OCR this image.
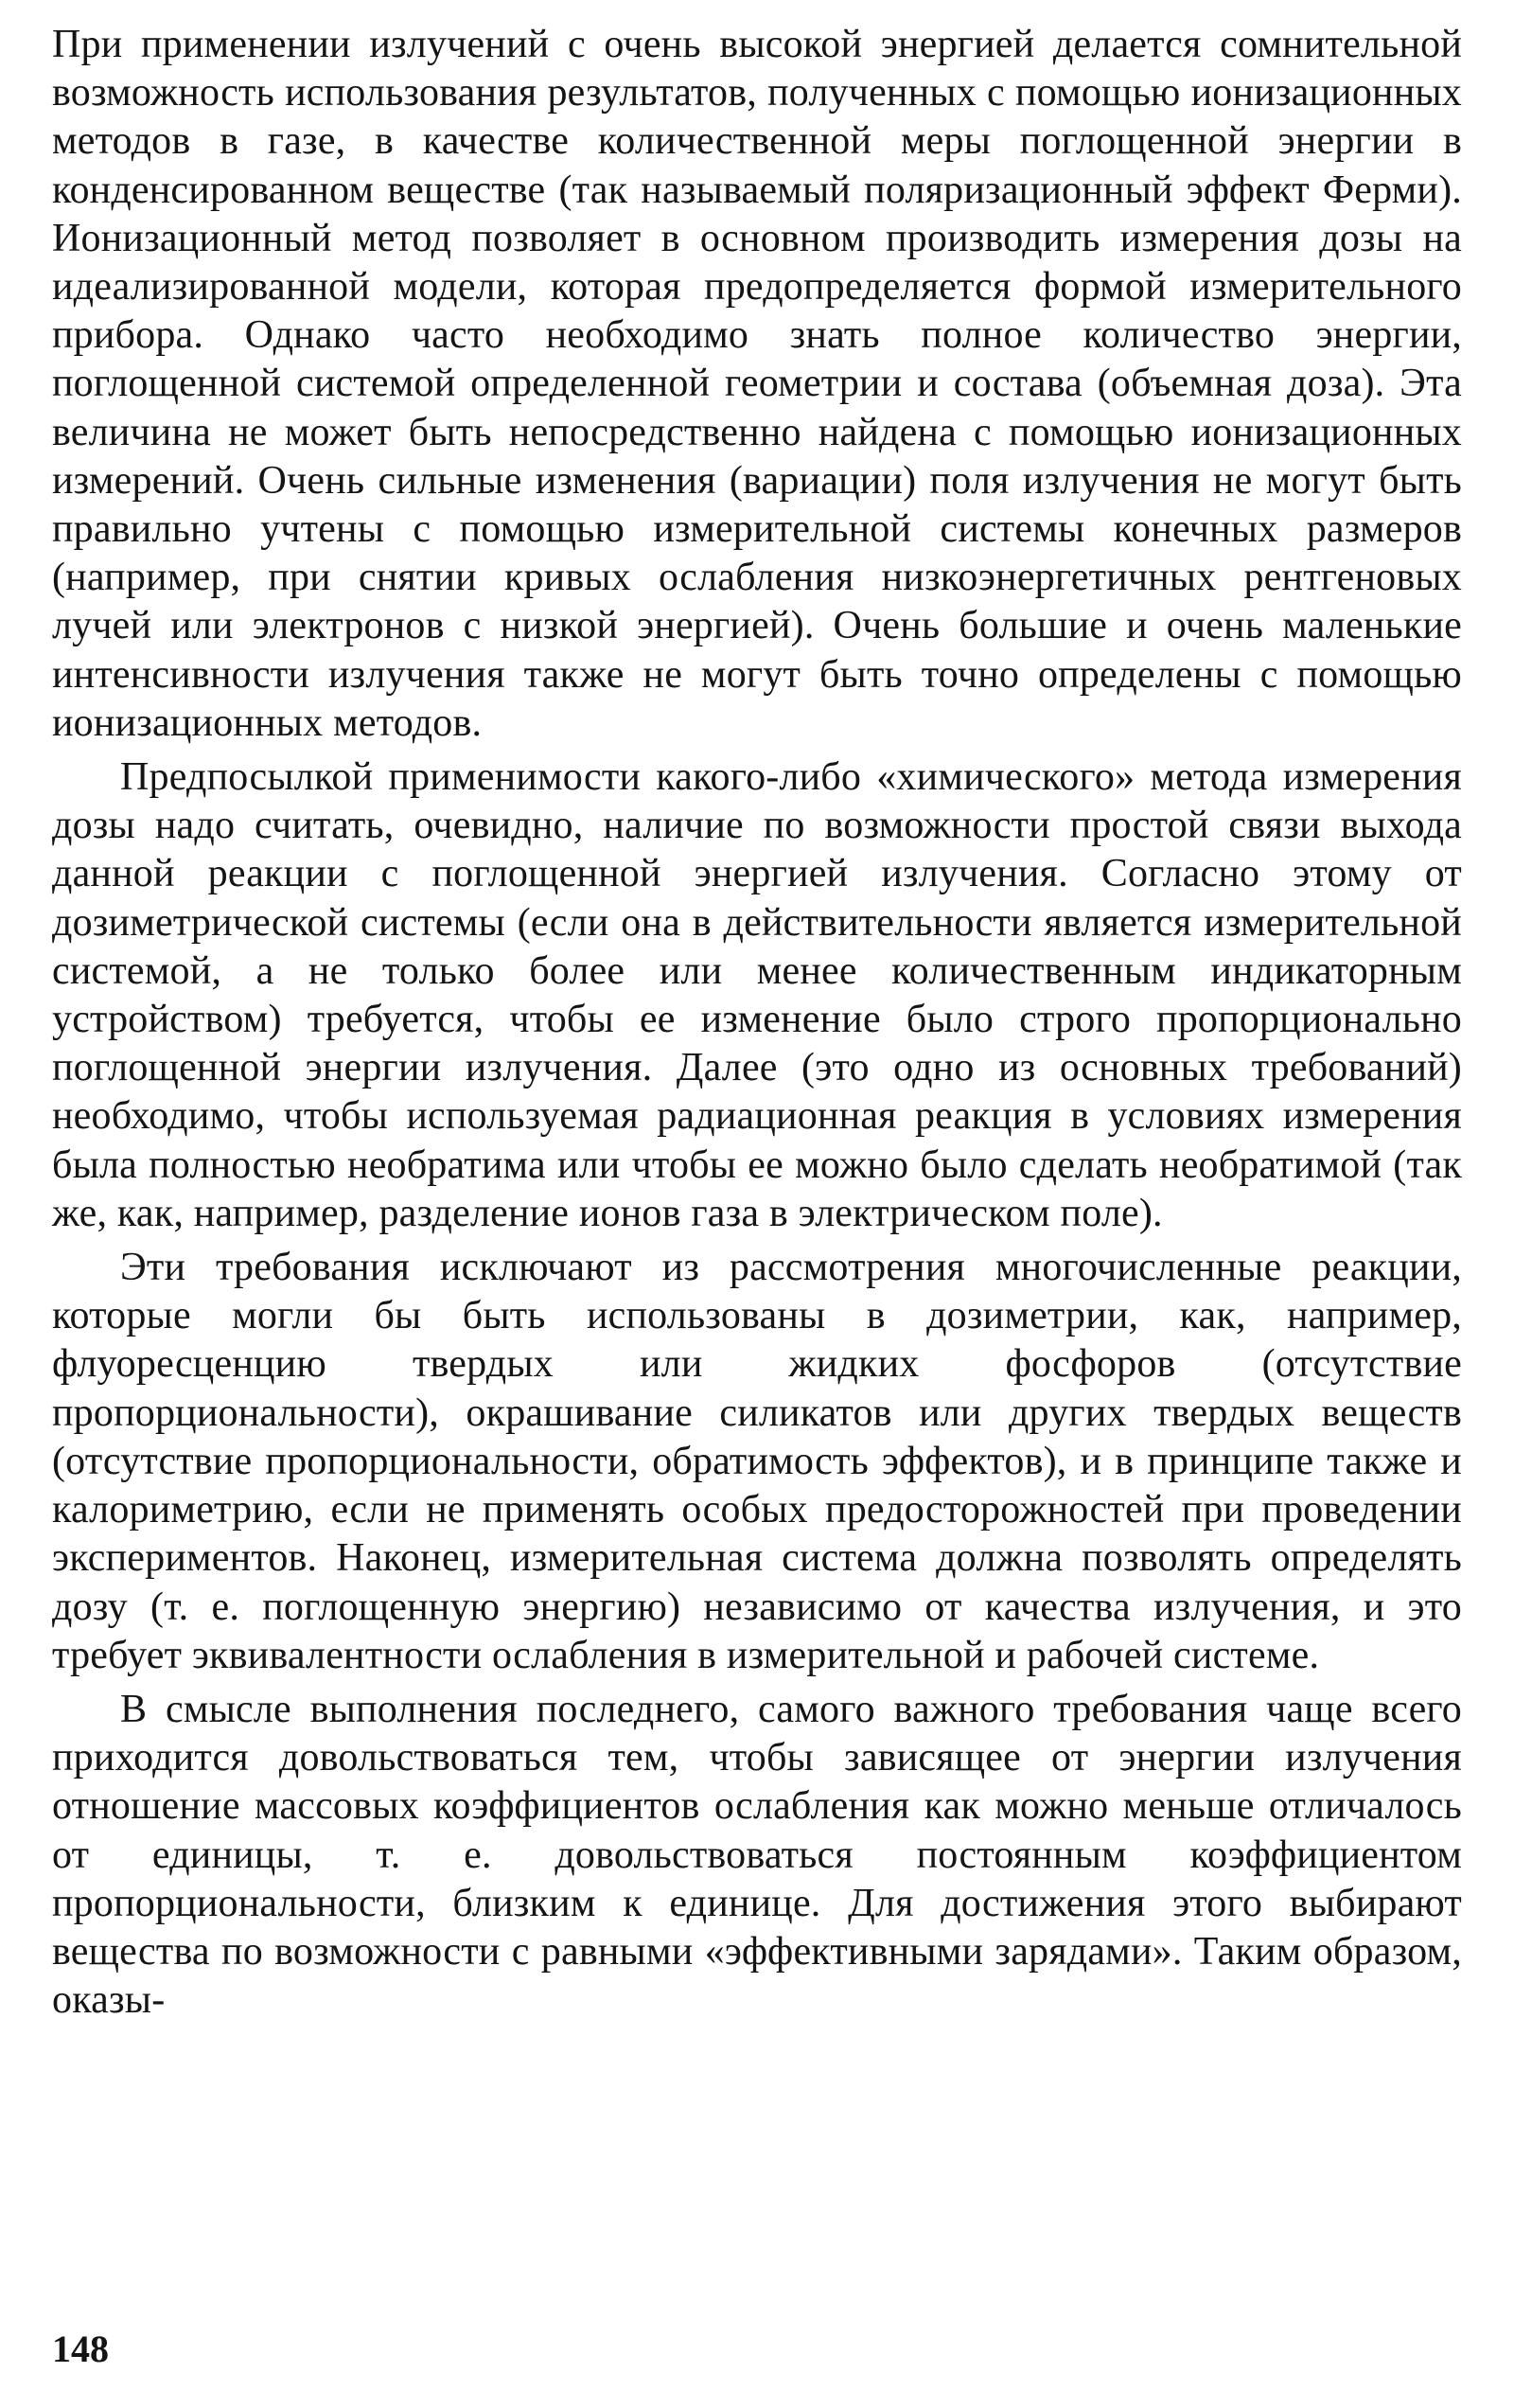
При применении излучений с очень высокой энергией делается сомнительной возможность использования результатов, полученных с помощью ионизационных методов в газе, в качестве количественной меры поглощенной энергии в конденсированном веществе (так называемый поляризационный эффект Ферми). Ионизационный метод позволяет в основном производить измерения дозы на идеализированной модели, которая предопределяется формой измерительного прибора. Однако часто необходимо знать полное количество энергии, поглощенной системой определенной геометрии и состава (объемная доза). Эта величина не может быть непосредственно найдена с помощью ионизационных измерений. Очень сильные изменения (вариации) поля излучения не могут быть правильно учтены с помощью измерительной системы конечных размеров (например, при снятии кривых ослабления низкоэнергетичных рентгеновых лучей или электронов с низкой энергией). Очень большие и очень маленькие интенсивности излучения также не могут быть точно определены с помощью ионизационных методов.

Предпосылкой применимости какого-либо «химического» метода измерения дозы надо считать, очевидно, наличие по возможности простой связи выхода данной реакции с поглощенной энергией излучения. Согласно этому от дозиметрической системы (если она в действительности является измерительной системой, а не только более или менее количественным индикаторным устройством) требуется, чтобы ее изменение было строго пропорционально поглощенной энергии излучения. Далее (это одно из основных требований) необходимо, чтобы используемая радиационная реакция в условиях измерения была полностью необратима или чтобы ее можно было сделать необратимой (так же, как, например, разделение ионов газа в электрическом поле).

Эти требования исключают из рассмотрения многочисленные реакции, которые могли бы быть использованы в дозиметрии, как, например, флуоресценцию твердых или жидких фосфоров (отсутствие пропорциональности), окрашивание силикатов или других твердых веществ (отсутствие пропорциональности, обратимость эффектов), и в принципе также и калориметрию, если не применять особых предосторожностей при проведении экспериментов. Наконец, измерительная система должна позволять определять дозу (т. е. поглощенную энергию) независимо от качества излучения, и это требует эквивалентности ослабления в измерительной и рабочей системе.

В смысле выполнения последнего, самого важного требования чаще всего приходится довольствоваться тем, чтобы зависящее от энергии излучения отношение массовых коэффициентов ослабления как можно меньше отличалось от единицы, т. е. довольствоваться постоянным коэффициентом пропорциональности, близким к единице. Для достижения этого выбирают вещества по возможности с равными «эффективными зарядами». Таким образом, оказы-

148
